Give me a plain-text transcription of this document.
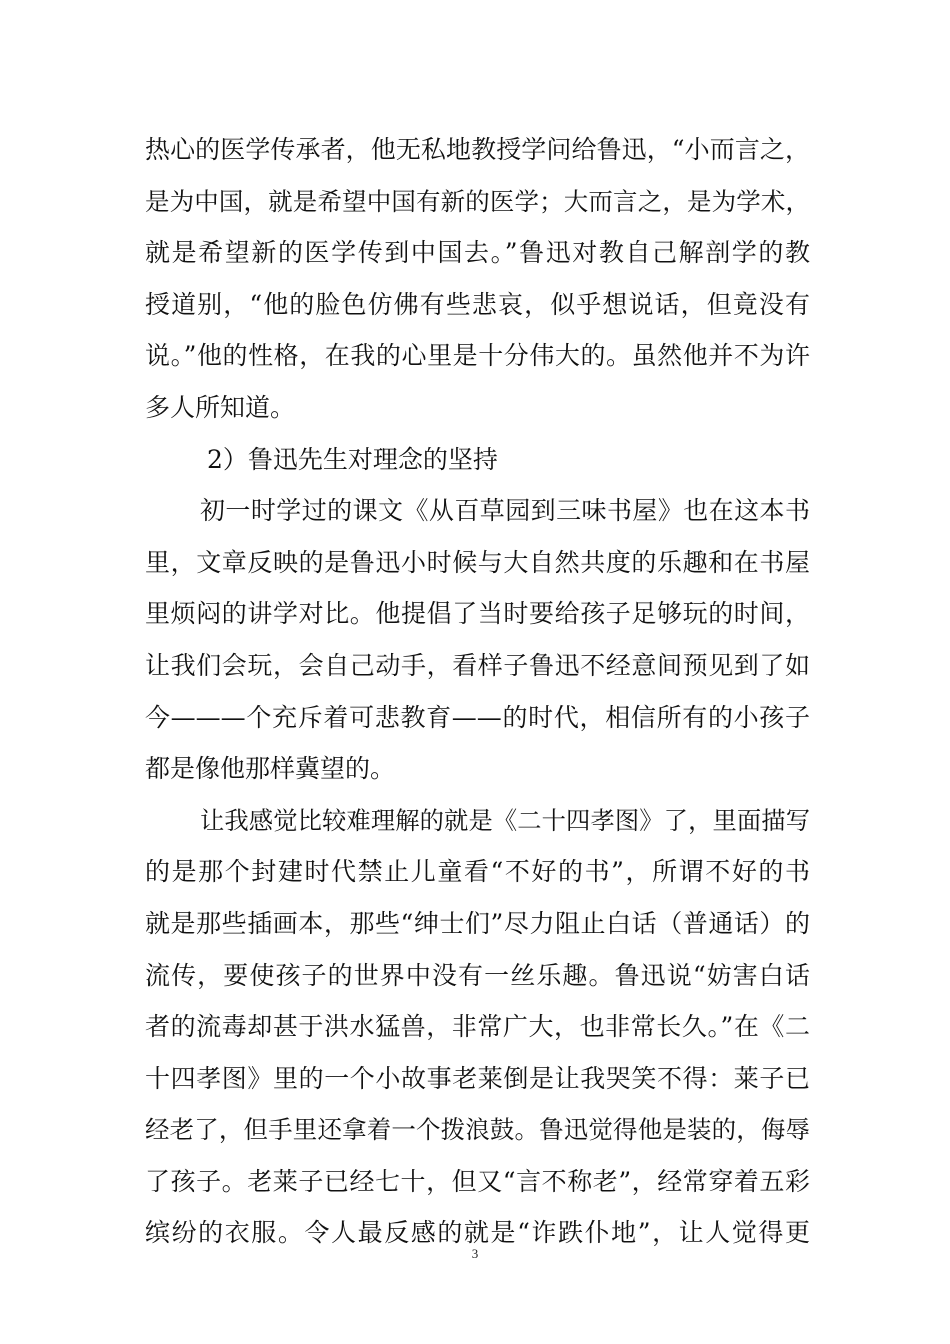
热心的医学传承者，他无私地教授学问给鲁迅，“小而言之，
是为中国，就是希望中国有新的医学；大而言之，是为学术，
就是希望新的医学传到中国去。”鲁迅对教自己解剖学的教
授道别，“他的脸色仿佛有些悲哀，似乎想说话，但竟没有
说。”他的性格，在我的心里是十分伟大的。虽然他并不为许
多人所知道。
2）鲁迅先生对理念的坚持
初一时学过的课文《从百草园到三味书屋》也在这本书
里，文章反映的是鲁迅小时候与大自然共度的乐趣和在书屋
里烦闷的讲学对比。他提倡了当时要给孩子足够玩的时间，
让我们会玩，会自己动手，看样子鲁迅不经意间预见到了如
今———个充斥着可悲教育——的时代，相信所有的小孩子
都是像他那样冀望的。
让我感觉比较难理解的就是《二十四孝图》了，里面描写
的是那个封建时代禁止儿童看“不好的书”，所谓不好的书
就是那些插画本，那些“绅士们”尽力阻止白话（普通话）的
流传，要使孩子的世界中没有一丝乐趣。鲁迅说“妨害白话
者的流毒却甚于洪水猛兽，非常广大，也非常长久。”在《二
十四孝图》里的一个小故事老莱倒是让我哭笑不得：莱子已
经老了，但手里还拿着一个拨浪鼓。鲁迅觉得他是装的，侮辱
了孩子。老莱子已经七十，但又“言不称老”，经常穿着五彩
缤纷的衣服。令人最反感的就是“诈跌仆地”，让人觉得更
3
